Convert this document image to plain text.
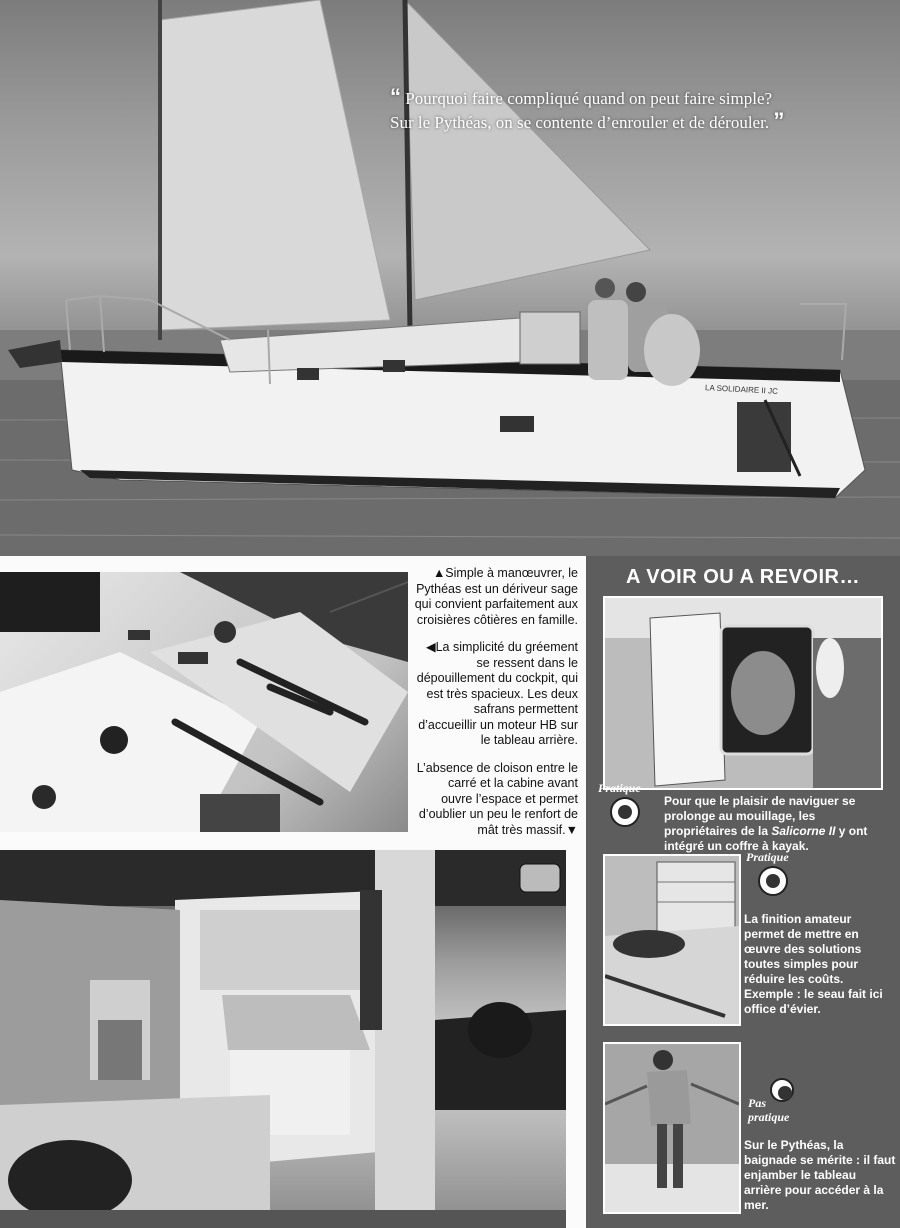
LA SOLIDAIRE II JC
“ Pourquoi faire compliqué quand on peut faire simple?
Sur le Pythéas, on se contente d’enrouler et de dérouler. ”

▲Simple à manœuvrer, le Pythéas est un dériveur sage qui convient parfaitement aux croisières côtières en famille.

◀La simplicité du gréement se ressent dans le dépouillement du cockpit, qui est très spacieux. Les deux safrans permettent d’accueillir un moteur HB sur le tableau arrière.

L’absence de cloison entre le carré et la cabine avant ouvre l’espace et permet d’oublier un peu le renfort de mât très massif.▼

A VOIR OU A REVOIR…
Pratique
Pour que le plaisir de naviguer se prolonge au mouillage, les propriétaires de la Salicorne II y ont intégré un coffre à kayak.
Pratique
La finition amateur permet de mettre en œuvre des solutions toutes simples pour réduire les coûts. Exemple : le seau fait ici office d’évier.
Pas
pratique
Sur le Pythéas, la baignade se mérite : il faut enjamber le tableau arrière pour accéder à la mer.
